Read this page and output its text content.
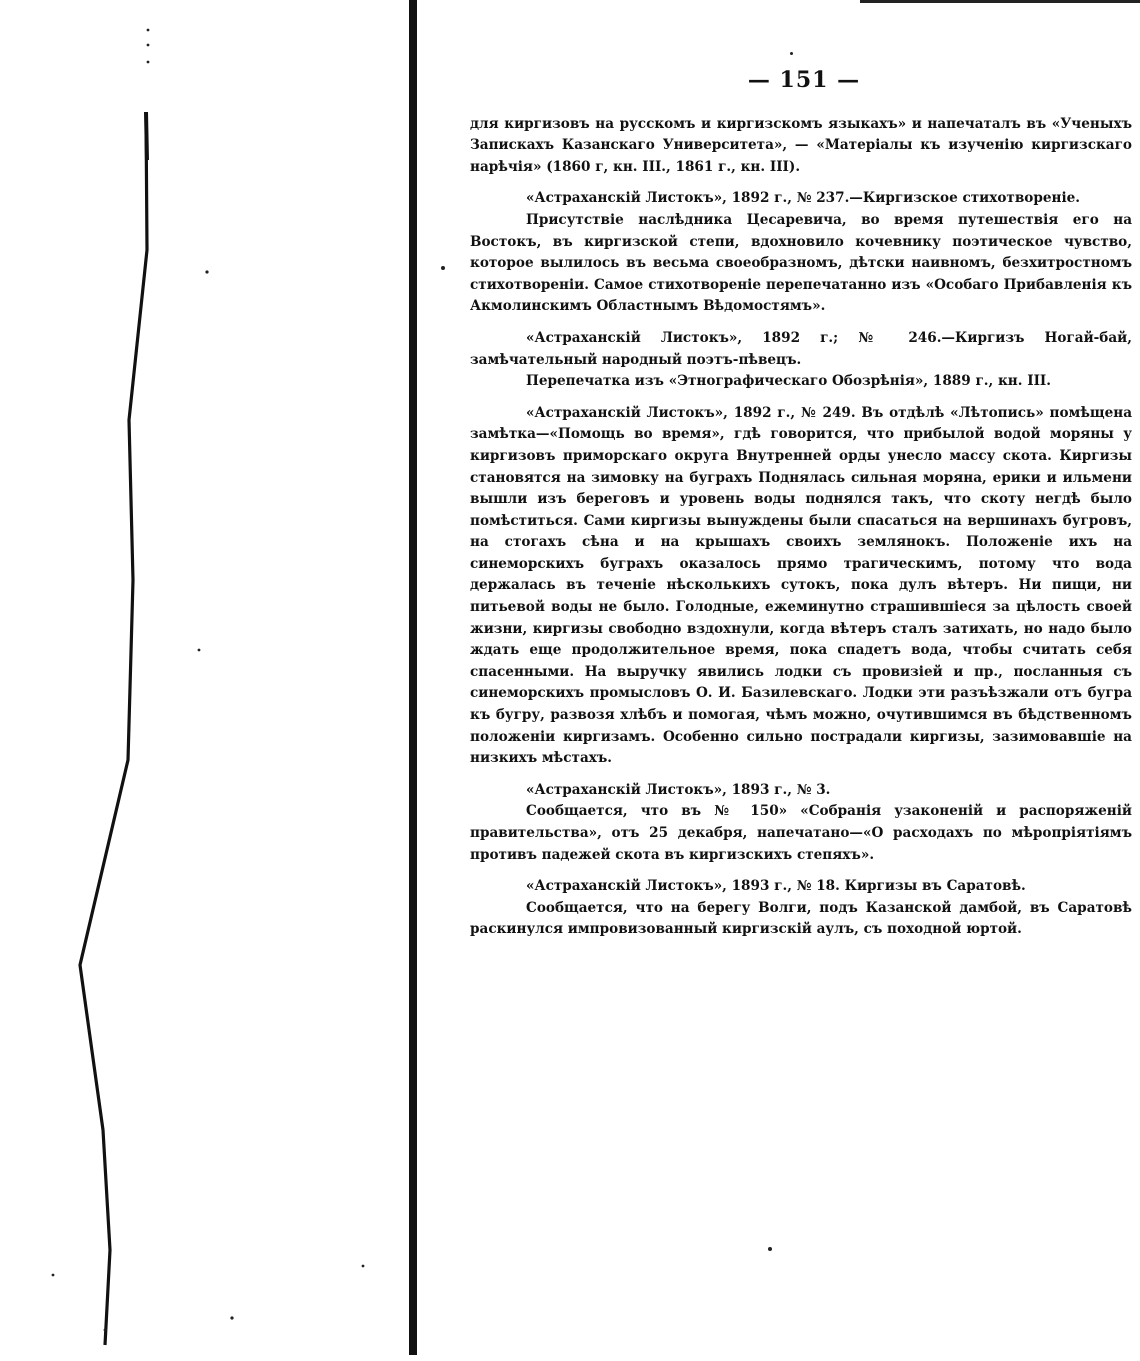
— 151 —

для киргизовъ на русскомъ и киргизскомъ языкахъ» и напечаталъ въ «Ученыхъ Запискахъ Казанскаго Университета», — «Матеріалы къ изученію киргизскаго нарѣчія» (1860 г, кн. III., 1861 г., кн. III).

«Астраханскій Листокъ», 1892 г., № 237.—Киргизское стихотвореніе.

Присутствіе наслѣдника Цесаревича, во время путешествія его на Востокъ, въ киргизской степи, вдохновило кочевнику поэтическое чувство, которое вылилось въ весьма своеобразномъ, дѣтски наивномъ, безхитростномъ стихотвореніи. Самое стихотвореніе перепечатанно изъ «Особаго Прибавленія къ Акмолинскимъ Областнымъ Вѣдомостямъ».

«Астраханскій Листокъ», 1892 г.; № 246.—Киргизъ Ногай-бай, замѣчательный народный поэтъ-пѣвецъ.

Перепечатка изъ «Этнографическаго Обозрѣнія», 1889 г., кн. III.

«Астраханскій Листокъ», 1892 г., № 249. Въ отдѣлѣ «Лѣтопись» помѣщена замѣтка—«Помощь во время», гдѣ говорится, что прибылой водой моряны у киргизовъ приморскаго округа Внутренней орды унесло массу скота. Киргизы становятся на зимовку на буграхъ Поднялась сильная моряна, ерики и ильмени вышли изъ береговъ и уровень воды поднялся такъ, что скоту негдѣ было помѣститься. Сами киргизы вынуждены были спасаться на вершинахъ бугровъ, на стогахъ сѣна и на крышахъ своихъ землянокъ. Положеніе ихъ на синеморскихъ буграхъ оказалось прямо трагическимъ, потому что вода держалась въ теченіе нѣсколькихъ сутокъ, пока дулъ вѣтеръ. Ни пищи, ни питьевой воды не было. Голодные, ежеминутно страшившіеся за цѣлость своей жизни, киргизы свободно вздохнули, когда вѣтеръ сталъ затихать, но надо было ждать еще продолжительное время, пока спадетъ вода, чтобы считать себя спасенными. На выручку явились лодки съ провизіей и пр., посланныя съ синеморскихъ промысловъ О. И. Базилевскаго. Лодки эти разъѣзжали отъ бугра къ бугру, развозя хлѣбъ и помогая, чѣмъ можно, очутившимся въ бѣдственномъ положеніи киргизамъ. Особенно сильно пострадали киргизы, зазимовавшіе на низкихъ мѣстахъ.

«Астраханскій Листокъ», 1893 г., № 3.

Сообщается, что въ № 150» «Собранія узаконеній и распоряженій правительства», отъ 25 декабря, напечатано—«О расходахъ по мѣропріятіямъ противъ падежей скота въ киргизскихъ степяхъ».

«Астраханскій Листокъ», 1893 г., № 18. Киргизы въ Саратовѣ.

Сообщается, что на берегу Волги, подъ Казанской дамбой, въ Саратовѣ раскинулся импровизованный киргизскій аулъ, съ походной юртой.
